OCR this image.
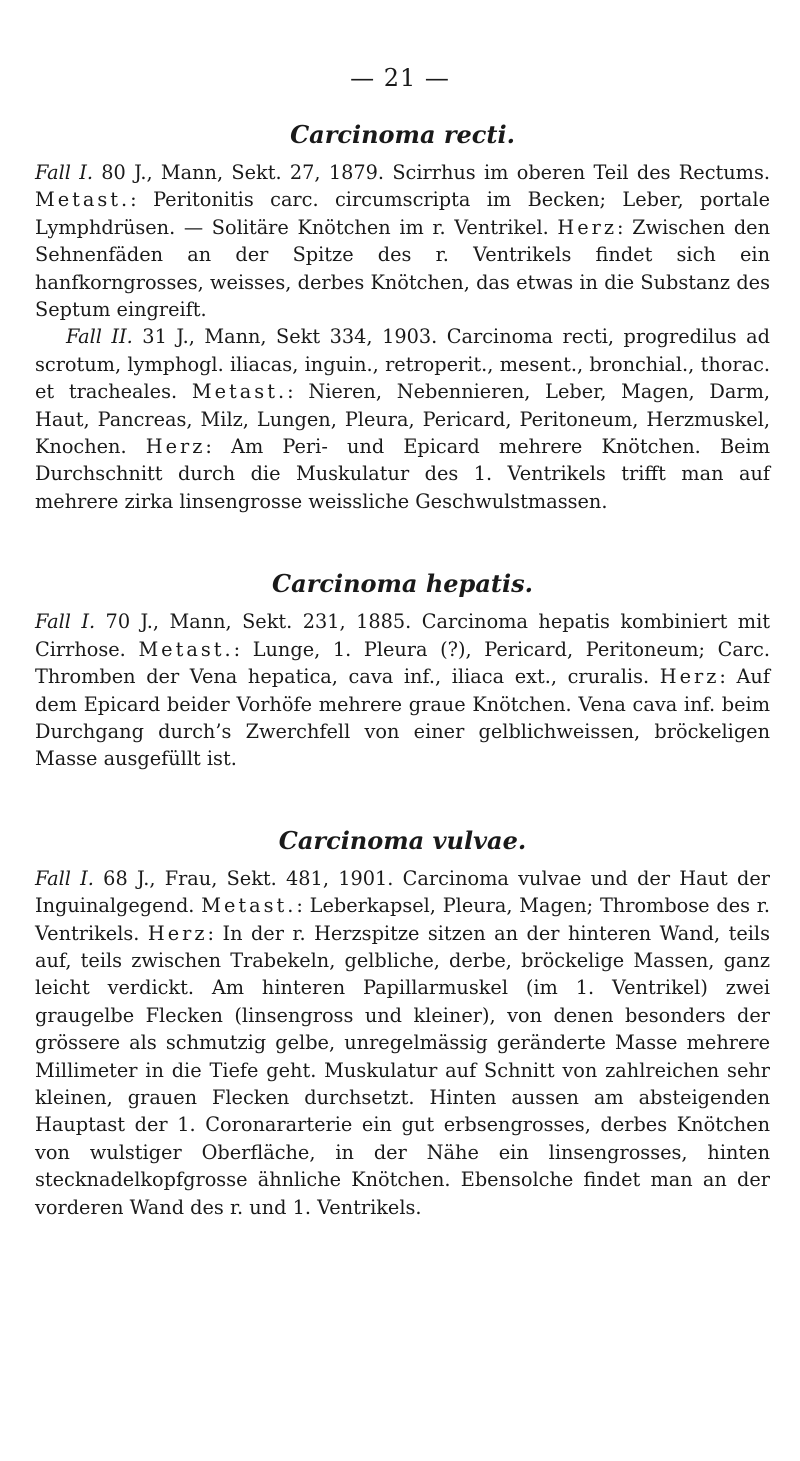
— 21 —
Carcinoma recti.

Fall I. 80 J., Mann, Sekt. 27, 1879. Scirrhus im oberen Teil des Rectums. Metast.: Peritonitis carc. circumscripta im Becken; Leber, portale Lymphdrüsen. — Solitäre Knötchen im r. Ventrikel. Herz: Zwischen den Sehnenfäden an der Spitze des r. Ventrikels findet sich ein hanfkorngrosses, weisses, derbes Knötchen, das etwas in die Substanz des Septum eingreift.

Fall II. 31 J., Mann, Sekt 334, 1903. Carcinoma recti, progredilus ad scrotum, lymphogl. iliacas, inguin., retroperit., mesent., bronchial., thorac. et tracheales. Metast.: Nieren, Nebennieren, Leber, Magen, Darm, Haut, Pancreas, Milz, Lungen, Pleura, Pericard, Peritoneum, Herzmuskel, Knochen. Herz: Am Peri- und Epicard mehrere Knötchen. Beim Durchschnitt durch die Muskulatur des 1. Ventrikels trifft man auf mehrere zirka linsengrosse weissliche Geschwulstmassen.

Carcinoma hepatis.

Fall I. 70 J., Mann, Sekt. 231, 1885. Carcinoma hepatis kombiniert mit Cirrhose. Metast.: Lunge, 1. Pleura (?), Pericard, Peritoneum; Carc. Thromben der Vena hepatica, cava inf., iliaca ext., cruralis. Herz: Auf dem Epicard beider Vorhöfe mehrere graue Knötchen. Vena cava inf. beim Durchgang durch’s Zwerchfell von einer gelblichweissen, bröckeligen Masse ausgefüllt ist.

Carcinoma vulvae.

Fall I. 68 J., Frau, Sekt. 481, 1901. Carcinoma vulvae und der Haut der Inguinalgegend. Metast.: Leberkapsel, Pleura, Magen; Thrombose des r. Ventrikels. Herz: In der r. Herzspitze sitzen an der hinteren Wand, teils auf, teils zwischen Trabekeln, gelbliche, derbe, bröckelige Massen, ganz leicht verdickt. Am hinteren Papillarmuskel (im 1. Ventrikel) zwei graugelbe Flecken (linsengross und kleiner), von denen besonders der grössere als schmutzig gelbe, unregelmässig geränderte Masse mehrere Millimeter in die Tiefe geht. Muskulatur auf Schnitt von zahlreichen sehr kleinen, grauen Flecken durchsetzt. Hinten aussen am absteigenden Hauptast der 1. Coronararterie ein gut erbsengrosses, derbes Knötchen von wulstiger Oberfläche, in der Nähe ein linsengrosses, hinten stecknadelkopfgrosse ähnliche Knötchen. Ebensolche findet man an der vorderen Wand des r. und 1. Ventrikels.
